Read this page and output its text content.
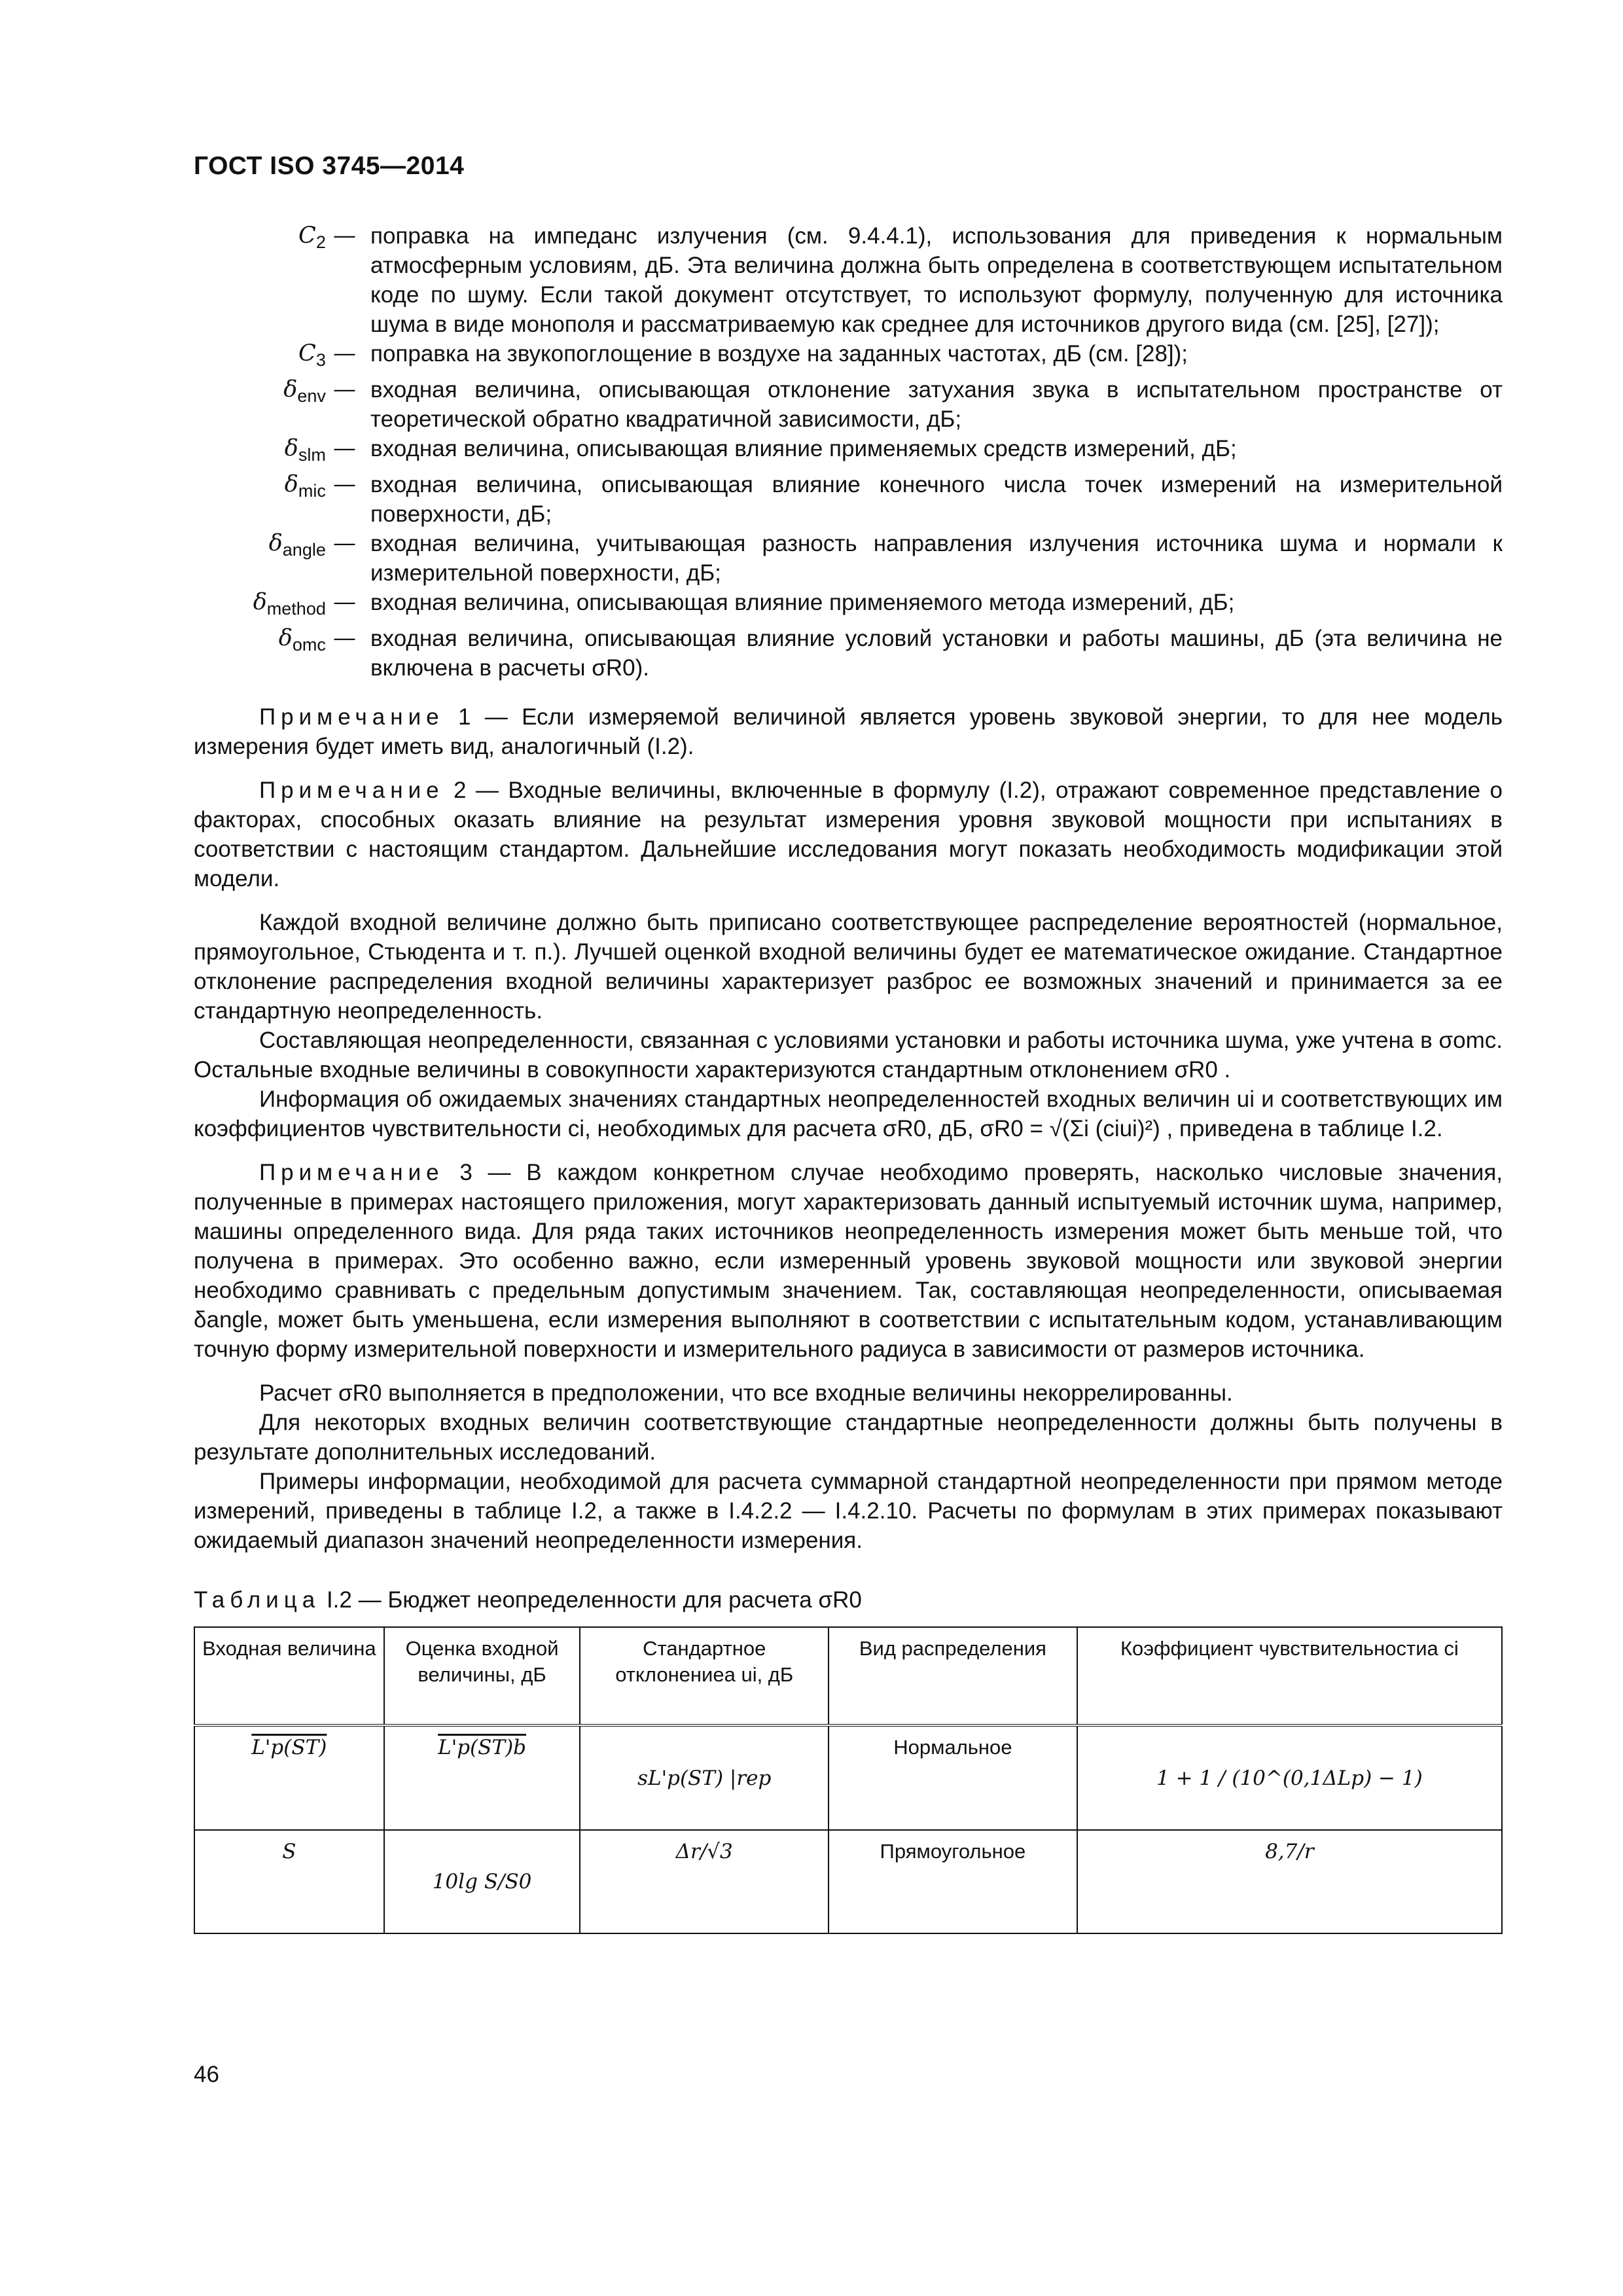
ГОСТ ISO 3745—2014
$C_2$ — поправка на импеданс излучения (см. 9.4.4.1), использования для приведения к нормальным атмосферным условиям, дБ. Эта величина должна быть определена в соответствующем испытательном коде по шуму. Если такой документ отсутствует, то используют формулу, полученную для источника шума в виде монополя и рассматриваемую как среднее для источников другого вида (см. [25], [27]);
$C_3$ — поправка на звукопоглощение в воздухе на заданных частотах, дБ (см. [28]);
$\delta_{env}$ — входная величина, описывающая отклонение затухания звука в испытательном пространстве от теоретической обратно квадратичной зависимости, дБ;
$\delta_{slm}$ — входная величина, описывающая влияние применяемых средств измерений, дБ;
$\delta_{mic}$ — входная величина, описывающая влияние конечного числа точек измерений на измерительной поверхности, дБ;
$\delta_{angle}$ — входная величина, учитывающая разность направления излучения источника шума и нормали к измерительной поверхности, дБ;
$\delta_{method}$ — входная величина, описывающая влияние применяемого метода измерений, дБ;
$\delta_{omc}$ — входная величина, описывающая влияние условий установки и работы машины, дБ (эта величина не включена в расчеты σR0).

Примечание 1 — Если измеряемой величиной является уровень звуковой энергии, то для нее модель измерения будет иметь вид, аналогичный (I.2).

Примечание 2 — Входные величины, включенные в формулу (I.2), отражают современное представление о факторах, способных оказать влияние на результат измерения уровня звуковой мощности при испытаниях в соответствии с настоящим стандартом. Дальнейшие исследования могут показать необходимость модификации этой модели.

Каждой входной величине должно быть приписано соответствующее распределение вероятностей (нормальное, прямоугольное, Стьюдента и т. п.). Лучшей оценкой входной величины будет ее математическое ожидание. Стандартное отклонение распределения входной величины характеризует разброс ее возможных значений и принимается за ее стандартную неопределенность.

Составляющая неопределенности, связанная с условиями установки и работы источника шума, уже учтена в σomc. Остальные входные величины в совокупности характеризуются стандартным отклонением σR0 .

Информация об ожидаемых значениях стандартных неопределенностей входных величин ui и соответствующих им коэффициентов чувствительности ci, необходимых для расчета σR0, дБ, σR0 = √(Σi (ciui)²) , приведена в таблице I.2.

Примечание 3 — В каждом конкретном случае необходимо проверять, насколько числовые значения, полученные в примерах настоящего приложения, могут характеризовать данный испытуемый источник шума, например, машины определенного вида. Для ряда таких источников неопределенность измерения может быть меньше той, что получена в примерах. Это особенно важно, если измеренный уровень звуковой мощности или звуковой энергии необходимо сравнивать с предельным допустимым значением. Так, составляющая неопределенности, описываемая δangle, может быть уменьшена, если измерения выполняют в соответствии с испытательным кодом, устанавливающим точную форму измерительной поверхности и измерительного радиуса в зависимости от размеров источника.

Расчет σR0 выполняется в предположении, что все входные величины некоррелированны.

Для некоторых входных величин соответствующие стандартные неопределенности должны быть получены в результате дополнительных исследований.

Примеры информации, необходимой для расчета суммарной стандартной неопределенности при прямом методе измерений, приведены в таблице I.2, а также в I.4.2.2 — I.4.2.10. Расчеты по формулам в этих примерах показывают ожидаемый диапазон значений неопределенности измерения.

Таблица I.2 — Бюджет неопределенности для расчета σR0
Входная величина	Оценка входной величины, дБ	Стандартное отклонениеa ui, дБ	Вид распределения	Коэффициент чувствительностиa ci
L'p(ST)	L'p(ST)b	sL'p(ST) |rep	Нормальное	1 + 1 / (10^(0,1ΔLp) − 1)
S	10lg S/S0	Δr/√3	Прямоугольное	8,7/r
46
